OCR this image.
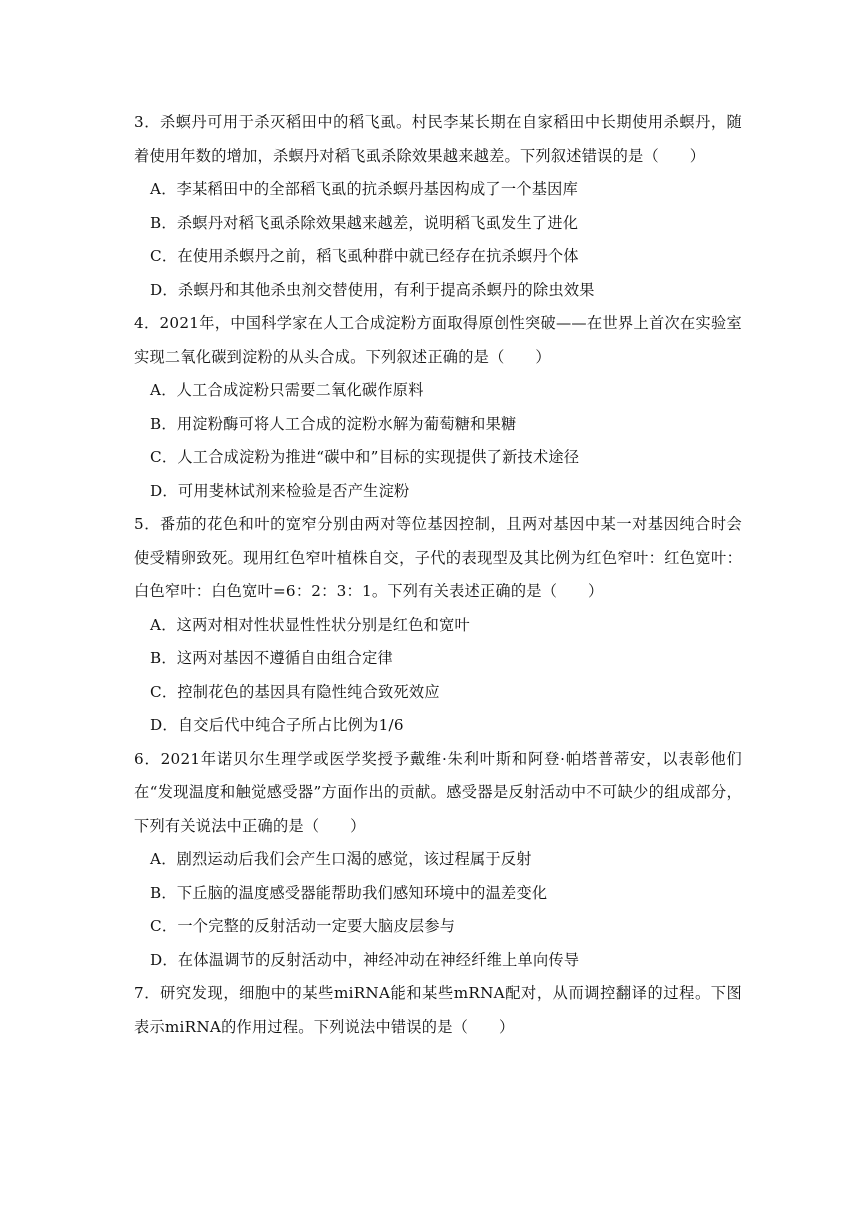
3．杀螟丹可用于杀灭稻田中的稻飞虱。村民李某长期在自家稻田中长期使用杀螟丹，随着使用年数的增加，杀螟丹对稻飞虱杀除效果越来越差。下列叙述错误的是（　　）

A．李某稻田中的全部稻飞虱的抗杀螟丹基因构成了一个基因库
B．杀螟丹对稻飞虱杀除效果越来越差，说明稻飞虱发生了进化
C．在使用杀螟丹之前，稻飞虱种群中就已经存在抗杀螟丹个体
D．杀螟丹和其他杀虫剂交替使用，有利于提高杀螟丹的除虫效果

4．2021年，中国科学家在人工合成淀粉方面取得原创性突破——在世界上首次在实验室实现二氧化碳到淀粉的从头合成。下列叙述正确的是（　　）

A．人工合成淀粉只需要二氧化碳作原料
B．用淀粉酶可将人工合成的淀粉水解为葡萄糖和果糖
C．人工合成淀粉为推进“碳中和”目标的实现提供了新技术途径
D．可用斐林试剂来检验是否产生淀粉

5．番茄的花色和叶的宽窄分别由两对等位基因控制，且两对基因中某一对基因纯合时会使受精卵致死。现用红色窄叶植株自交，子代的表现型及其比例为红色窄叶：红色宽叶：白色窄叶：白色宽叶=6：2：3：1。下列有关表述正确的是（　　）

A．这两对相对性状显性性状分别是红色和宽叶
B．这两对基因不遵循自由组合定律
C．控制花色的基因具有隐性纯合致死效应
D．自交后代中纯合子所占比例为1/6

6．2021年诺贝尔生理学或医学奖授予戴维·朱利叶斯和阿登·帕塔普蒂安，以表彰他们在“发现温度和触觉感受器”方面作出的贡献。感受器是反射活动中不可缺少的组成部分，下列有关说法中正确的是（　　）

A．剧烈运动后我们会产生口渴的感觉，该过程属于反射
B．下丘脑的温度感受器能帮助我们感知环境中的温差变化
C．一个完整的反射活动一定要大脑皮层参与
D．在体温调节的反射活动中，神经冲动在神经纤维上单向传导

7．研究发现，细胞中的某些miRNA能和某些mRNA配对，从而调控翻译的过程。下图表示miRNA的作用过程。下列说法中错误的是（　　）
